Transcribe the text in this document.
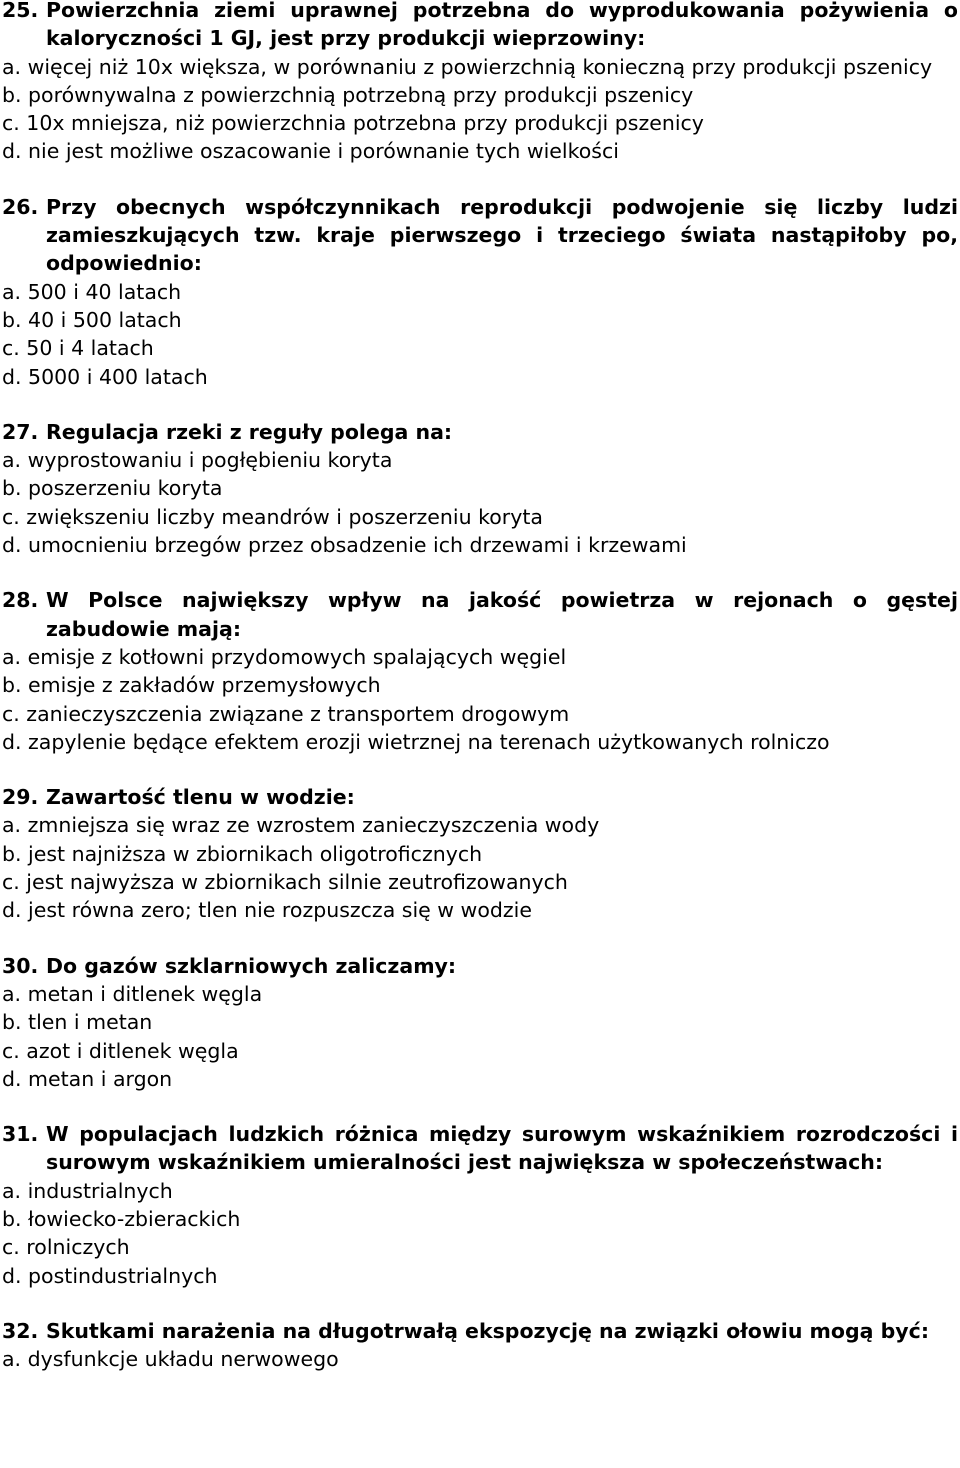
25. Powierzchnia ziemi uprawnej potrzebna do wyprodukowania pożywienia o kaloryczności 1 GJ, jest przy produkcji wieprzowiny:
a. więcej niż 10x większa, w porównaniu z powierzchnią konieczną przy produkcji pszenicy
b. porównywalna z powierzchnią potrzebną przy produkcji pszenicy
c. 10x mniejsza, niż powierzchnia potrzebna przy produkcji pszenicy
d. nie jest możliwe oszacowanie i porównanie tych wielkości
26. Przy obecnych współczynnikach reprodukcji podwojenie się liczby ludzi zamieszkujących tzw. kraje pierwszego i trzeciego świata nastąpiłoby po, odpowiednio:
a. 500 i 40 latach
b. 40 i 500 latach
c. 50 i 4 latach
d. 5000 i 400 latach
27. Regulacja rzeki z reguły polega na:
a. wyprostowaniu i pogłębieniu koryta
b. poszerzeniu koryta
c. zwiększeniu liczby meandrów i poszerzeniu koryta
d. umocnieniu brzegów przez obsadzenie ich drzewami i krzewami
28. W Polsce największy wpływ na jakość powietrza w rejonach o gęstej zabudowie mają:
a. emisje z kotłowni przydomowych spalających węgiel
b. emisje z zakładów przemysłowych
c. zanieczyszczenia związane z transportem drogowym
d. zapylenie będące efektem erozji wietrznej na terenach użytkowanych rolniczo
29. Zawartość tlenu w wodzie:
a. zmniejsza się wraz ze wzrostem zanieczyszczenia wody
b. jest najniższa w zbiornikach oligotroficznych
c. jest najwyższa w zbiornikach silnie zeutrofizowanych
d. jest równa zero; tlen nie rozpuszcza się w wodzie
30. Do gazów szklarniowych zaliczamy:
a. metan i ditlenek węgla
b. tlen i metan
c. azot i ditlenek węgla
d. metan i argon
31. W populacjach ludzkich różnica między surowym wskaźnikiem rozrodczości i surowym wskaźnikiem umieralności jest największa w społeczeństwach:
a. industrialnych
b. łowiecko-zbierackich
c. rolniczych
d. postindustrialnych
32. Skutkami narażenia na długotrwałą ekspozycję na związki ołowiu mogą być:
a. dysfunkcje układu nerwowego
